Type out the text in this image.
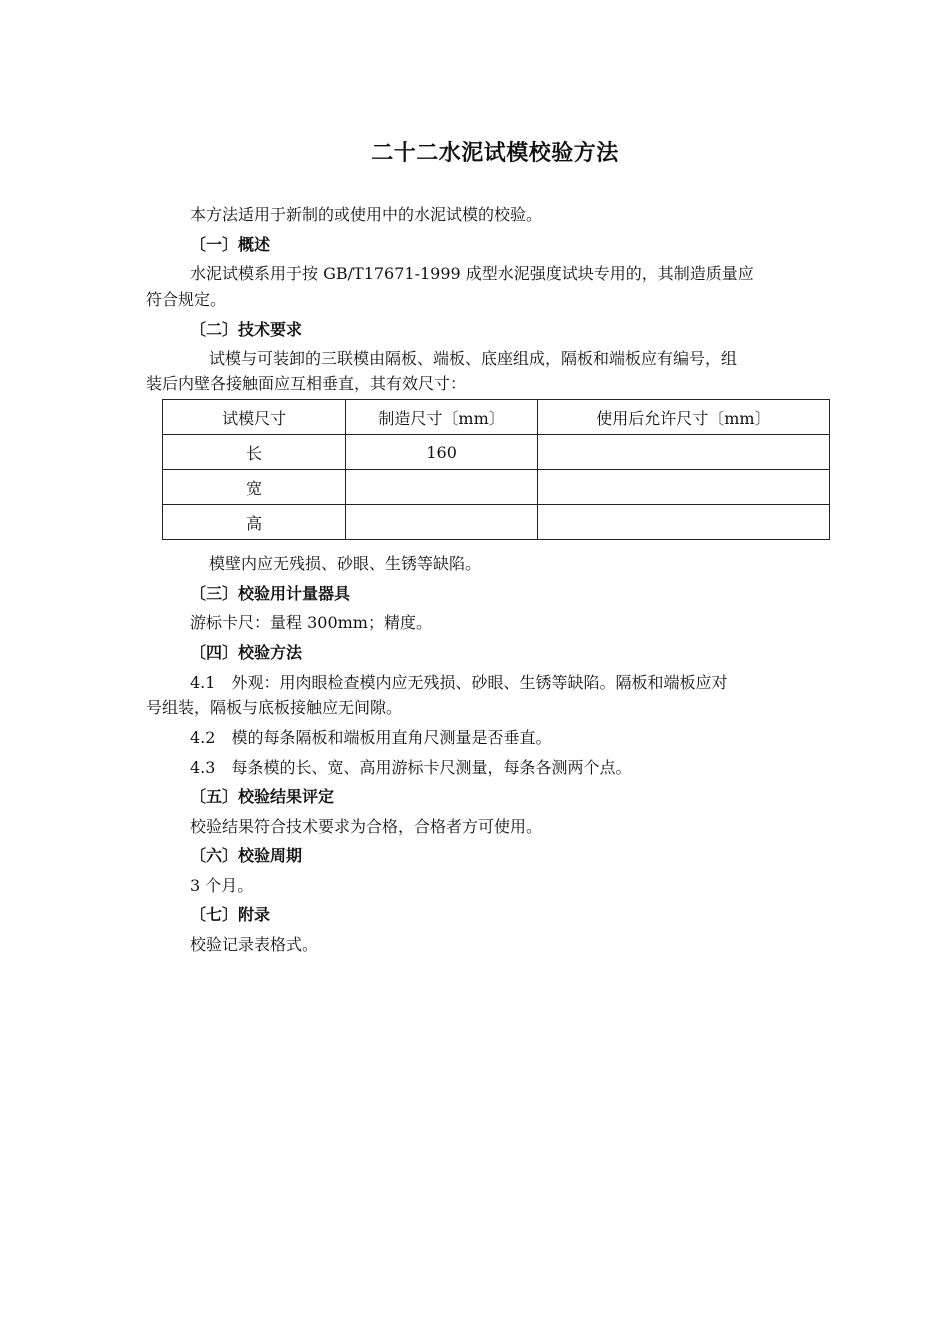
二十二水泥试模校验方法
本方法适用于新制的或使用中的水泥试模的校验。
〔一〕概述
水泥试模系用于按 GB/T17671-1999 成型水泥强度试块专用的，其制造质量应
符合规定。
〔二〕技术要求
试模与可装卸的三联模由隔板、端板、底座组成，隔板和端板应有编号，组
装后内壁各接触面应互相垂直，其有效尺寸：
试模尺寸	制造尺寸〔mm〕	使用后允许尺寸〔mm〕
长	160	
宽		
高		
模壁内应无残损、砂眼、生锈等缺陷。
〔三〕校验用计量器具
游标卡尺：量程 300mm；精度。
〔四〕校验方法
4.1　外观：用肉眼检查模内应无残损、砂眼、生锈等缺陷。隔板和端板应对
号组装，隔板与底板接触应无间隙。
4.2　模的每条隔板和端板用直角尺测量是否垂直。
4.3　每条模的长、宽、高用游标卡尺测量，每条各测两个点。
〔五〕校验结果评定
校验结果符合技术要求为合格，合格者方可使用。
〔六〕校验周期
3 个月。
〔七〕附录
校验记录表格式。
